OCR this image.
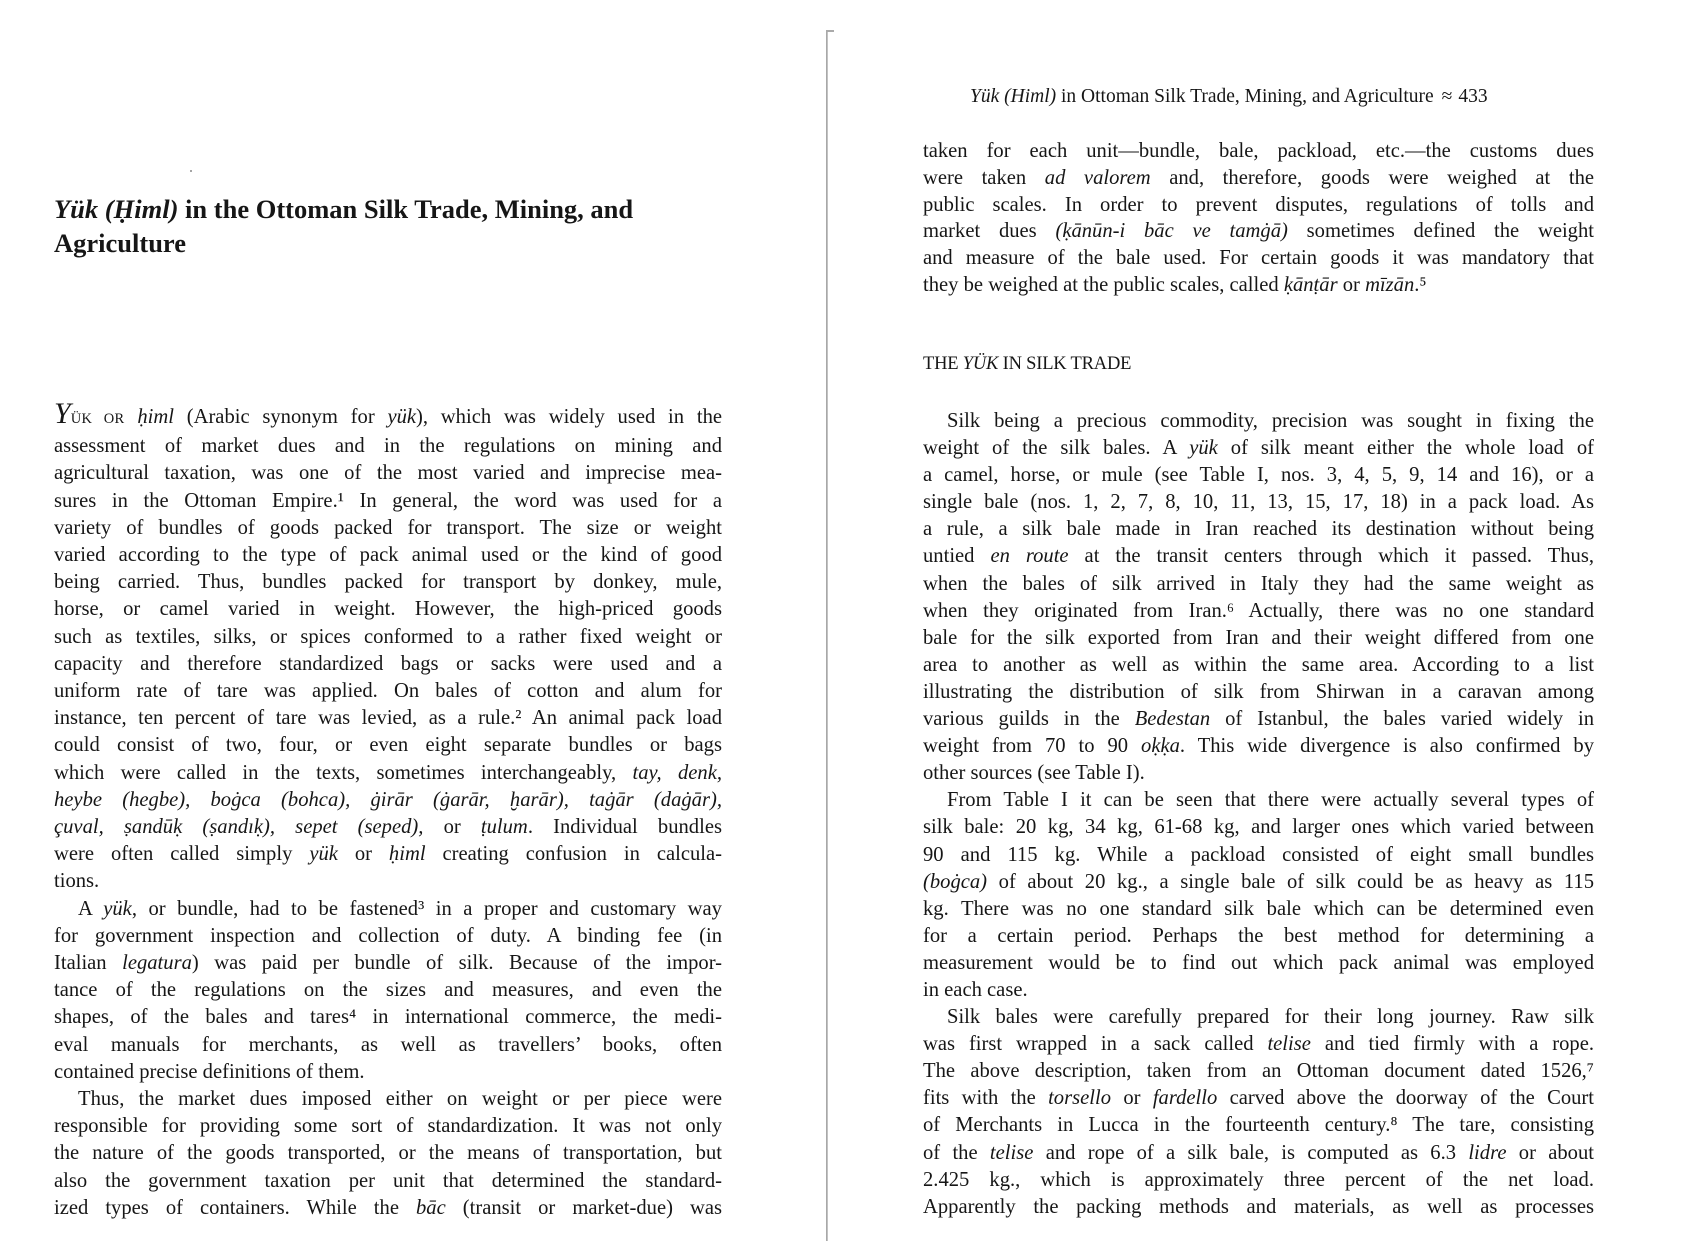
Yük (Ḥiml) in the Ottoman Silk Trade, Mining, and
Agriculture
YÜK OR ḥiml (Arabic synonym for yük), which was widely used in the
assessment of market dues and in the regulations on mining and
agricultural taxation, was one of the most varied and imprecise mea-
sures in the Ottoman Empire.¹ In general, the word was used for a
variety of bundles of goods packed for transport. The size or weight
varied according to the type of pack animal used or the kind of good
being carried. Thus, bundles packed for transport by donkey, mule,
horse, or camel varied in weight. However, the high-priced goods
such as textiles, silks, or spices conformed to a rather fixed weight or
capacity and therefore standardized bags or sacks were used and a
uniform rate of tare was applied. On bales of cotton and alum for
instance, ten percent of tare was levied, as a rule.² An animal pack load
could consist of two, four, or even eight separate bundles or bags
which were called in the texts, sometimes interchangeably, tay, denk,
heybe (hegbe), boġca (bohca), ġirār (ġarār, ḫarār), taġār (daġār),
çuval, ṣandūḳ (ṣandıḳ), sepet (seped), or ṭulum. Individual bundles
were often called simply yük or ḥiml creating confusion in calcula-
tions.
A yük, or bundle, had to be fastened³ in a proper and customary way
for government inspection and collection of duty. A binding fee (in
Italian legatura) was paid per bundle of silk. Because of the impor-
tance of the regulations on the sizes and measures, and even the
shapes, of the bales and tares⁴ in international commerce, the medi-
eval manuals for merchants, as well as travellers’ books, often
contained precise definitions of them.
Thus, the market dues imposed either on weight or per piece were
responsible for providing some sort of standardization. It was not only
the nature of the goods transported, or the means of transportation, but
also the government taxation per unit that determined the standard-
ized types of containers. While the bāc (transit or market-due) was
Yük (Himl) in Ottoman Silk Trade, Mining, and Agriculture ≈ 433
taken for each unit—bundle, bale, packload, etc.—the customs dues
were taken ad valorem and, therefore, goods were weighed at the
public scales. In order to prevent disputes, regulations of tolls and
market dues (ḳānūn-i bāc ve tamġā) sometimes defined the weight
and measure of the bale used. For certain goods it was mandatory that
they be weighed at the public scales, called ḳānṭār or mīzān.⁵
THE YÜK IN SILK TRADE
Silk being a precious commodity, precision was sought in fixing the
weight of the silk bales. A yük of silk meant either the whole load of
a camel, horse, or mule (see Table I, nos. 3, 4, 5, 9, 14 and 16), or a
single bale (nos. 1, 2, 7, 8, 10, 11, 13, 15, 17, 18) in a pack load. As
a rule, a silk bale made in Iran reached its destination without being
untied en route at the transit centers through which it passed. Thus,
when the bales of silk arrived in Italy they had the same weight as
when they originated from Iran.⁶ Actually, there was no one standard
bale for the silk exported from Iran and their weight differed from one
area to another as well as within the same area. According to a list
illustrating the distribution of silk from Shirwan in a caravan among
various guilds in the Bedestan of Istanbul, the bales varied widely in
weight from 70 to 90 oḳḳa. This wide divergence is also confirmed by
other sources (see Table I).
From Table I it can be seen that there were actually several types of
silk bale: 20 kg, 34 kg, 61-68 kg, and larger ones which varied between
90 and 115 kg. While a packload consisted of eight small bundles
(boġca) of about 20 kg., a single bale of silk could be as heavy as 115
kg. There was no one standard silk bale which can be determined even
for a certain period. Perhaps the best method for determining a
measurement would be to find out which pack animal was employed
in each case.
Silk bales were carefully prepared for their long journey. Raw silk
was first wrapped in a sack called telise and tied firmly with a rope.
The above description, taken from an Ottoman document dated 1526,⁷
fits with the torsello or fardello carved above the doorway of the Court
of Merchants in Lucca in the fourteenth century.⁸ The tare, consisting
of the telise and rope of a silk bale, is computed as 6.3 lidre or about
2.425 kg., which is approximately three percent of the net load.
Apparently the packing methods and materials, as well as processes
